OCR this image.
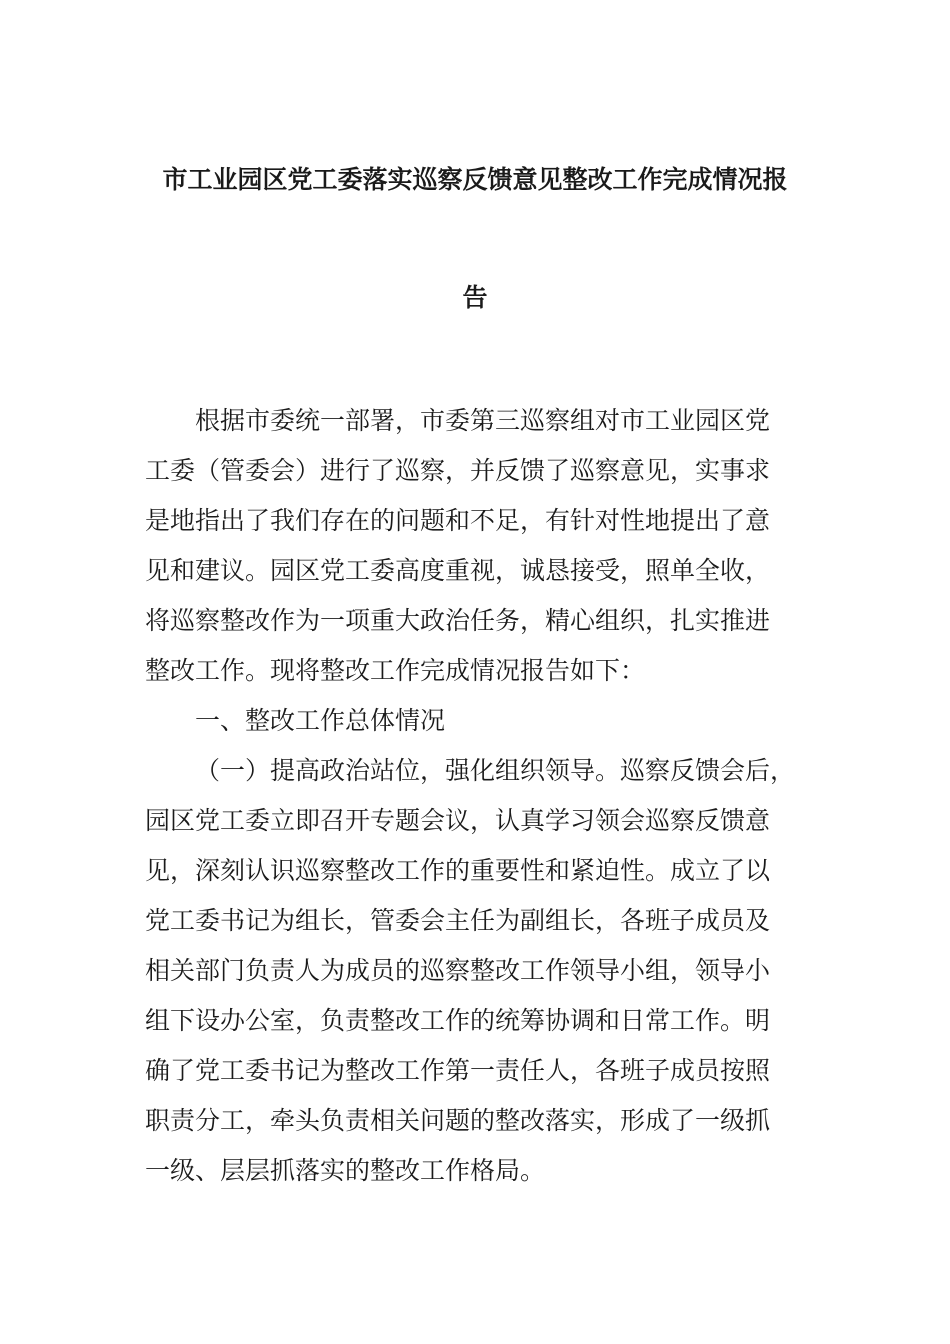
市工业园区党工委落实巡察反馈意见整改工作完成情况报
告
根据市委统一部署，市委第三巡察组对市工业园区党
工委（管委会）进行了巡察，并反馈了巡察意见，实事求
是地指出了我们存在的问题和不足，有针对性地提出了意
见和建议。园区党工委高度重视，诚恳接受，照单全收，
将巡察整改作为一项重大政治任务，精心组织，扎实推进
整改工作。现将整改工作完成情况报告如下：
一、整改工作总体情况
（一）提高政治站位，强化组织领导。巡察反馈会后，
园区党工委立即召开专题会议，认真学习领会巡察反馈意
见，深刻认识巡察整改工作的重要性和紧迫性。成立了以
党工委书记为组长，管委会主任为副组长，各班子成员及
相关部门负责人为成员的巡察整改工作领导小组，领导小
组下设办公室，负责整改工作的统筹协调和日常工作。明
确了党工委书记为整改工作第一责任人，各班子成员按照
职责分工，牵头负责相关问题的整改落实，形成了一级抓
一级、层层抓落实的整改工作格局。
